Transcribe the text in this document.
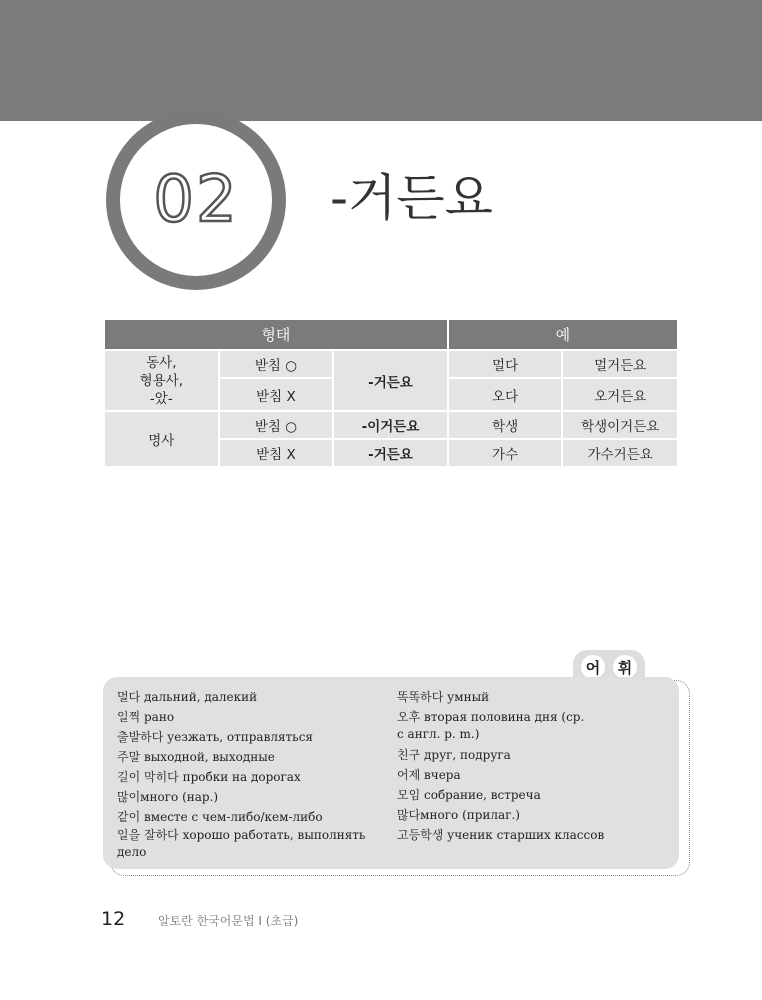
02	-거든요
형태			예	
동사,
형용사,
-았-	받침 ○	-거든요	멀다	멀거든요
	받침 X		오다	오거든요
명사	받침 ○	-이거든요	학생	학생이거든요
	받침 X	-거든요	가수	가수거든요
어	휘
멀다 дальний, далекий
일찍 рано
출발하다 уезжать, отправляться
주말 выходной, выходные
길이 막히다 пробки на дорогах
많이много (нар.)
같이 вместе с чем-либо/кем-либо
일을 잘하다 хорошо работать, выполнять дело
똑똑하다 умный
오후 вторая половина дня (ср. с англ. p. m.)
친구 друг, подруга
어제 вчера
모임 собрание, встреча
많다много (прилаг.)
고등학생 ученик старших классов
12	알토란 한국어문법 I (초급)
